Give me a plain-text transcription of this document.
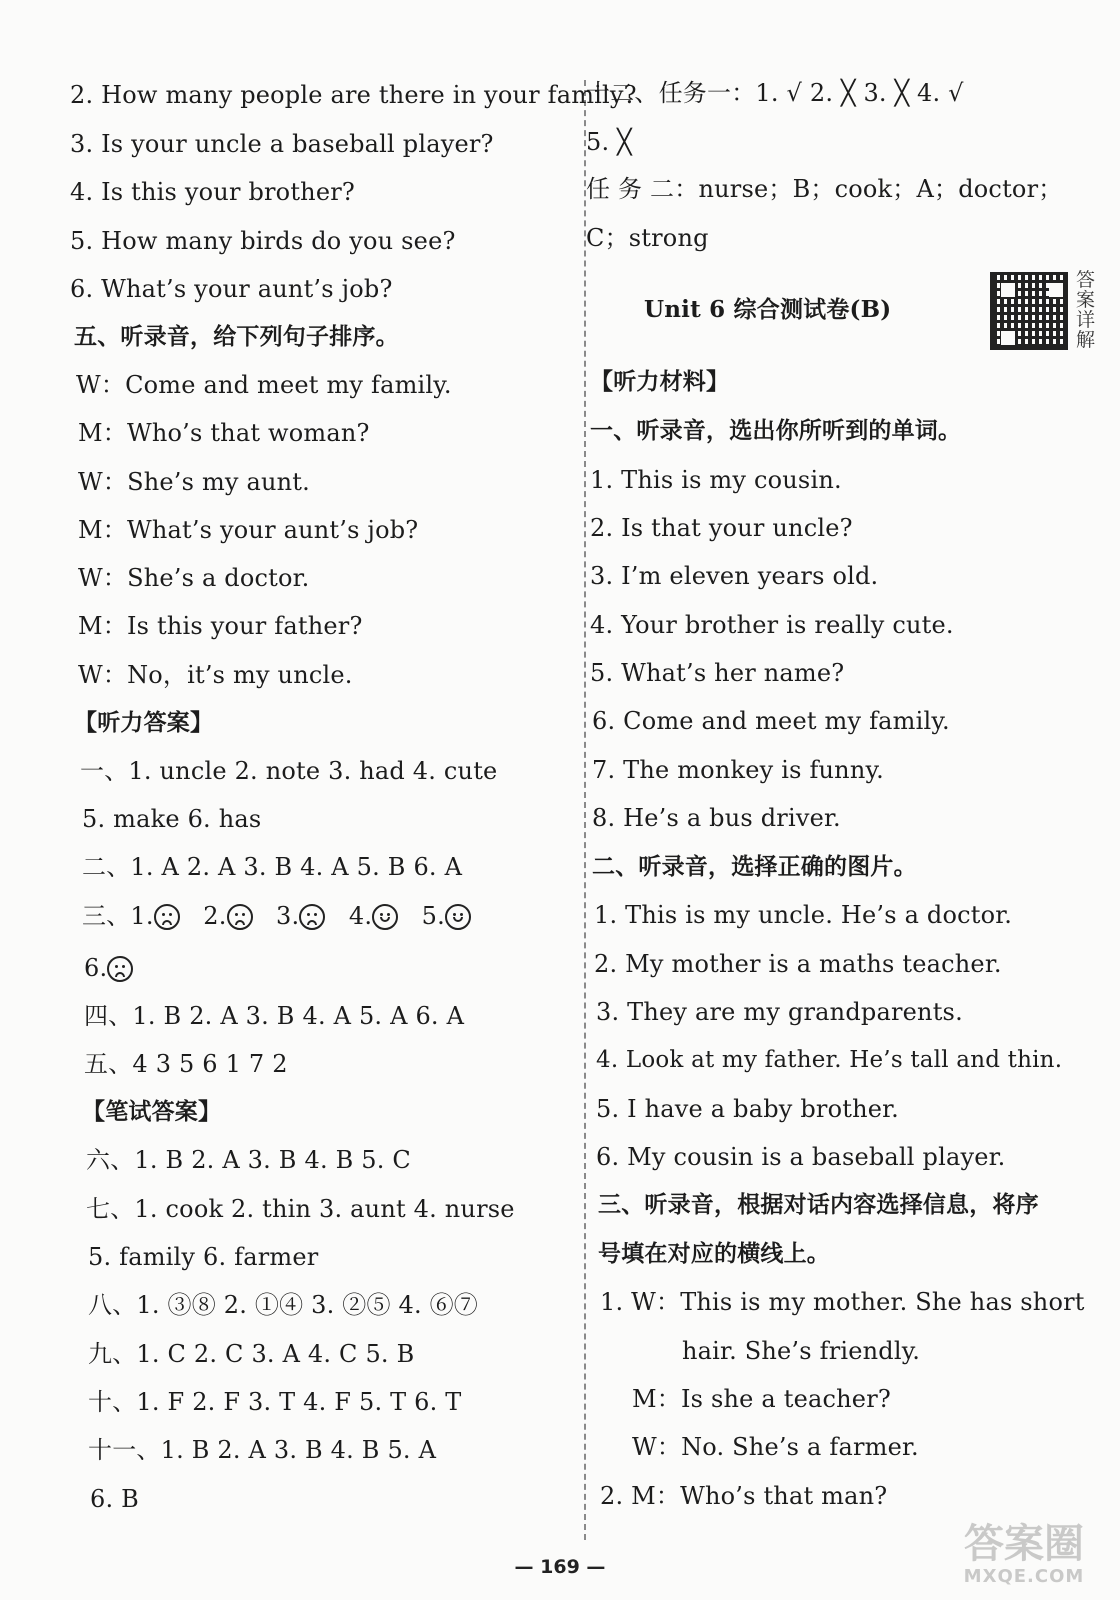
2. How many people are there in your family?
3. Is your uncle a baseball player?
4. Is this your brother?
5. How many birds do you see?
6. What’s your aunt’s job?
五、听录音，给下列句子排序。
W：Come and meet my family.
M：Who’s that woman?
W：She’s my aunt.
M：What’s your aunt’s job?
W：She’s a doctor.
M：Is this your father?
W：No，it’s my uncle.
【听力答案】
一、1. uncle 2. note 3. had 4. cute
5. make 6. has
二、1. A 2. A 3. B 4. A 5. B 6. A
三、1. 2. 3. 4. 5.
6.
四、1. B 2. A 3. B 4. A 5. A 6. A
五、4 3 5 6 1 7 2
【笔试答案】
六、1. B 2. A 3. B 4. B 5. C
七、1. cook 2. thin 3. aunt 4. nurse
5. family 6. farmer
八、1. ③⑧ 2. ①④ 3. ②⑤ 4. ⑥⑦
九、1. C 2. C 3. A 4. C 5. B
十、1. F 2. F 3. T 4. F 5. T 6. T
十一、1. B 2. A 3. B 4. B 5. A
6. B
十二、任务一：1. √ 2. ╳ 3. ╳ 4. √
5. ╳
任 务 二：nurse；B；cook；A；doctor；
C；strong
Unit 6 综合测试卷(B)
答案详解
【听力材料】
一、听录音，选出你所听到的单词。
1. This is my cousin.
2. Is that your uncle?
3. I’m eleven years old.
4. Your brother is really cute.
5. What’s her name?
6. Come and meet my family.
7. The monkey is funny.
8. He’s a bus driver.
二、听录音，选择正确的图片。
1. This is my uncle. He’s a doctor.
2. My mother is a maths teacher.
3. They are my grandparents.
4. Look at my father. He’s tall and thin.
5. I have a baby brother.
6. My cousin is a baseball player.
三、听录音，根据对话内容选择信息，将序
号填在对应的横线上。
1. W：This is my mother. She has short
hair. She’s friendly.
M：Is she a teacher?
W：No. She’s a farmer.
2. M：Who’s that man?
— 169 —	答案圈
MXQE.COM
